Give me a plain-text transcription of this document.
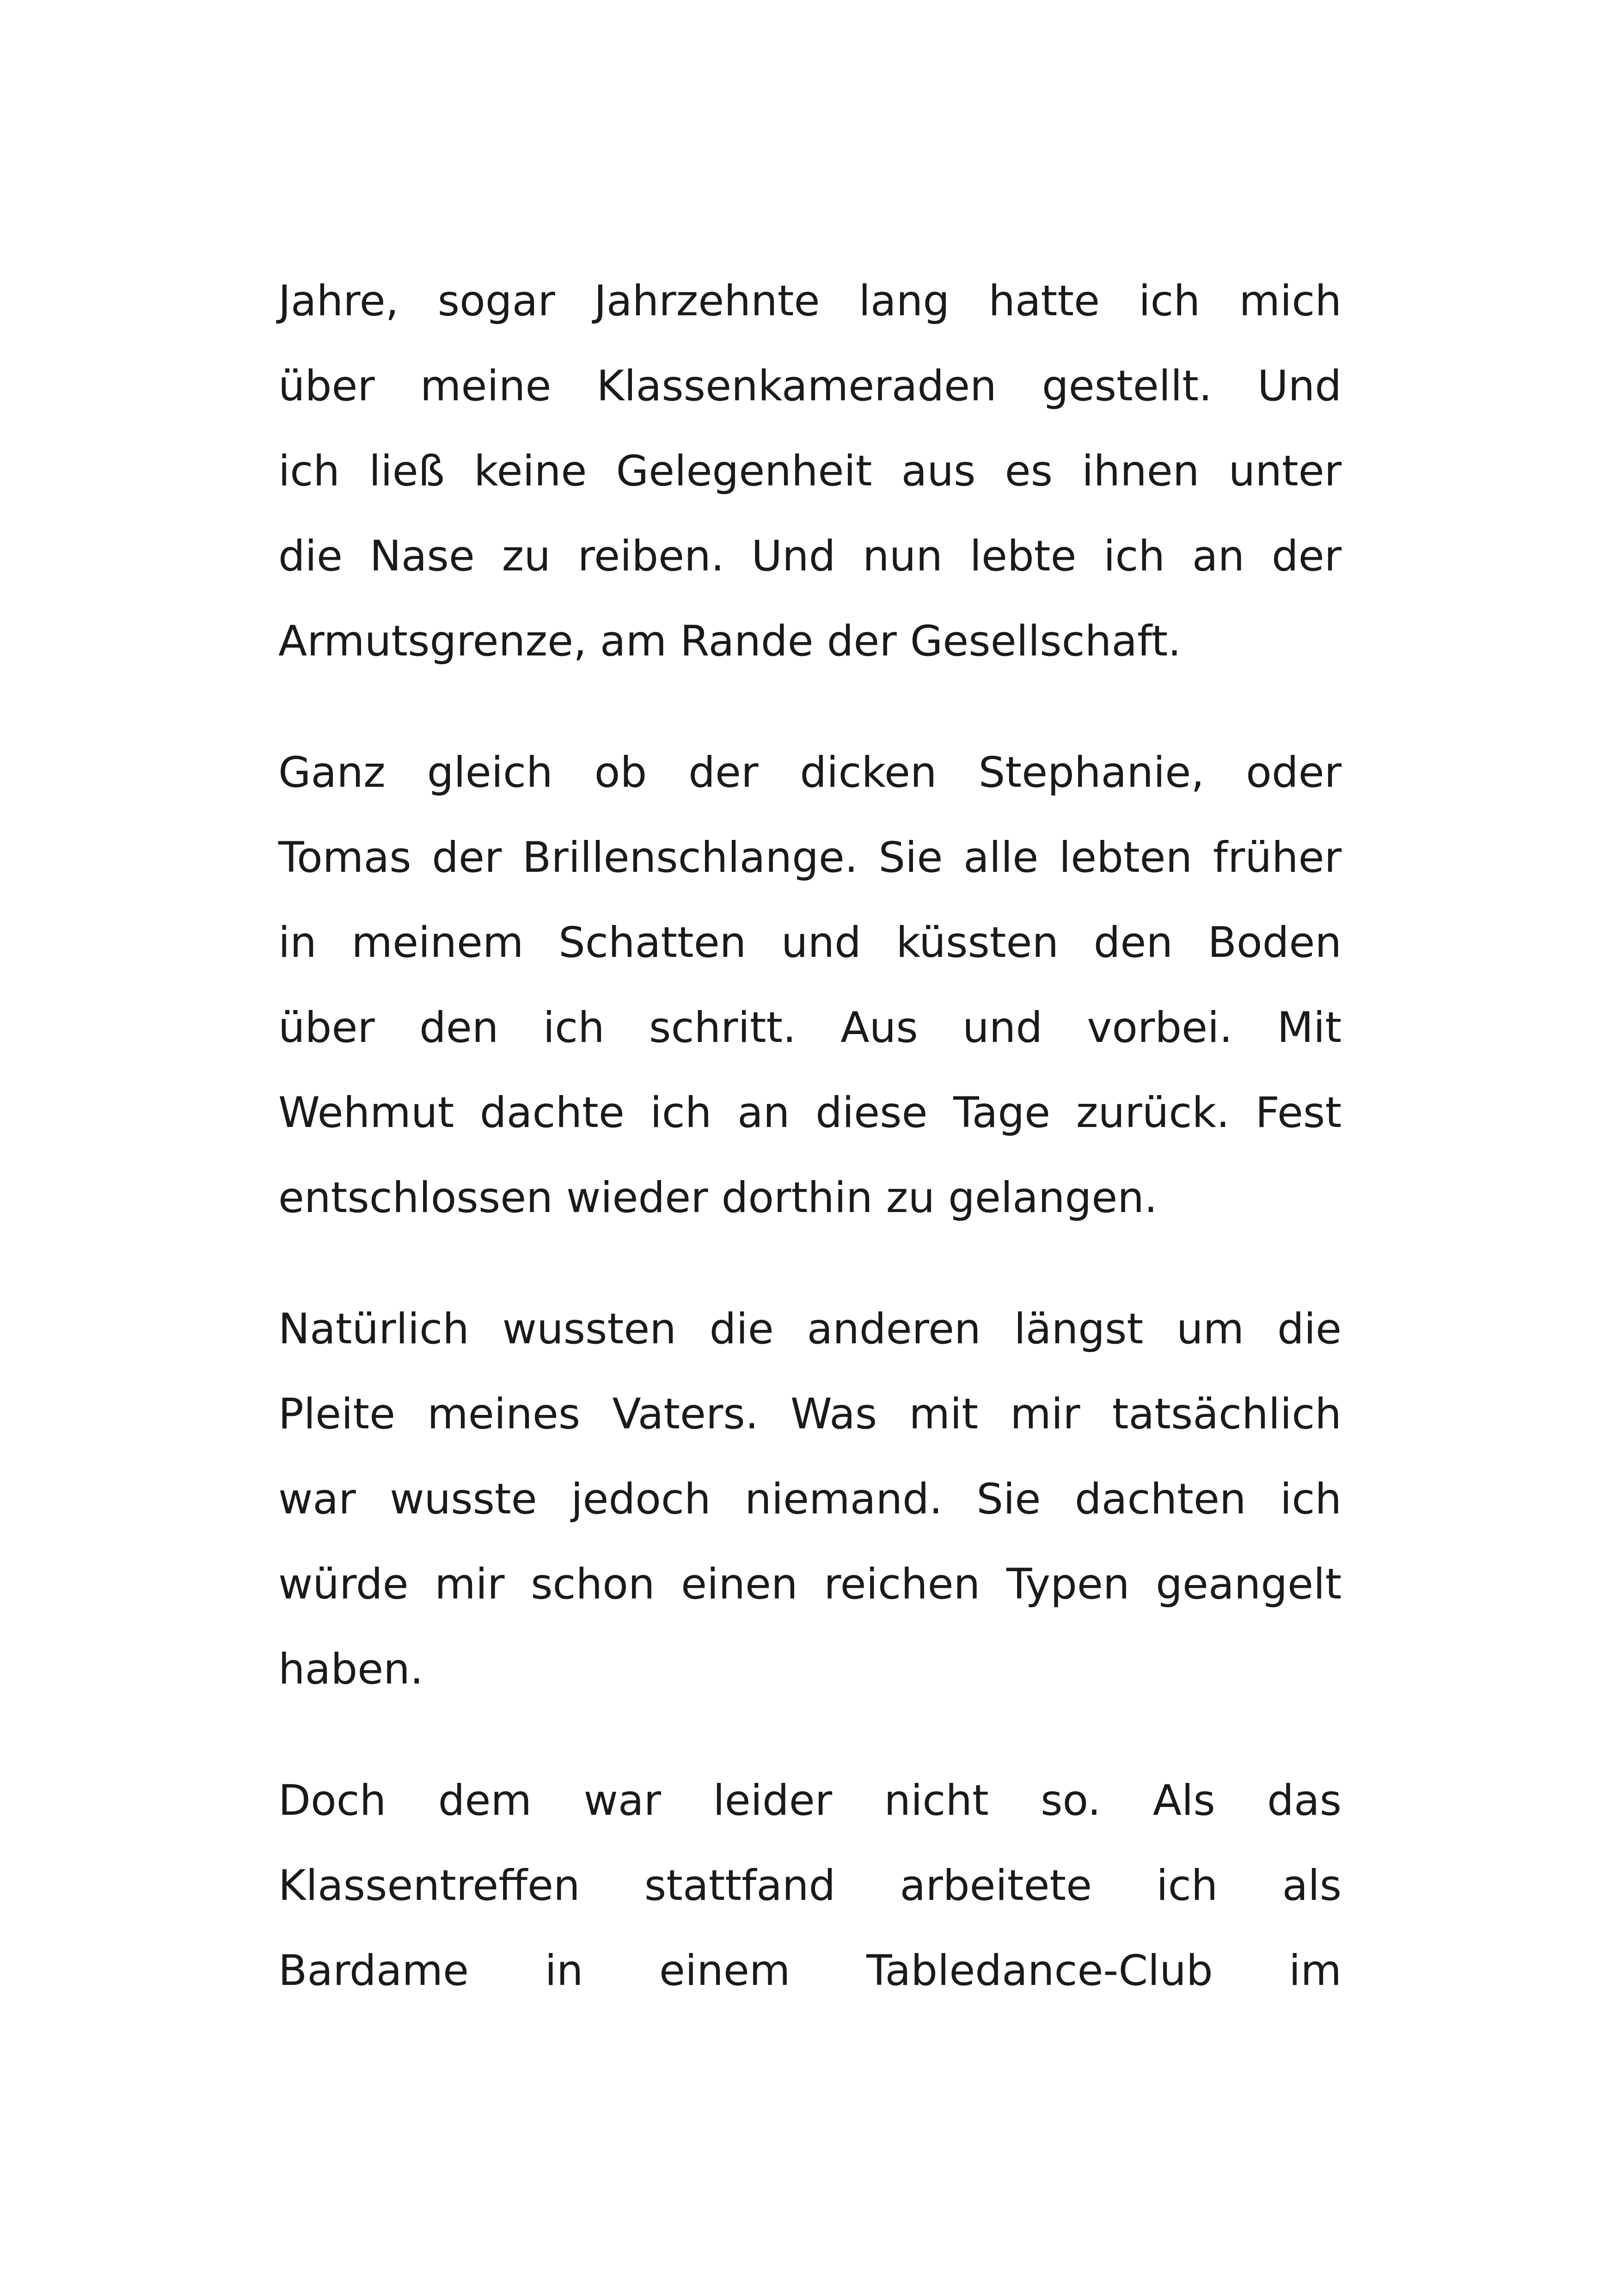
Jahre, sogar Jahrzehnte lang hatte ich mich
über meine Klassenkameraden gestellt. Und
ich ließ keine Gelegenheit aus es ihnen unter
die Nase zu reiben. Und nun lebte ich an der
Armutsgrenze, am Rande der Gesellschaft.
Ganz gleich ob der dicken Stephanie, oder
Tomas der Brillenschlange. Sie alle lebten früher
in meinem Schatten und küssten den Boden
über den ich schritt. Aus und vorbei. Mit
Wehmut dachte ich an diese Tage zurück. Fest
entschlossen wieder dorthin zu gelangen.
Natürlich wussten die anderen längst um die
Pleite meines Vaters. Was mit mir tatsächlich
war wusste jedoch niemand. Sie dachten ich
würde mir schon einen reichen Typen geangelt
haben.
Doch dem war leider nicht so. Als das
Klassentreffen stattfand arbeitete ich als
Bardame in einem Tabledance-Club im
